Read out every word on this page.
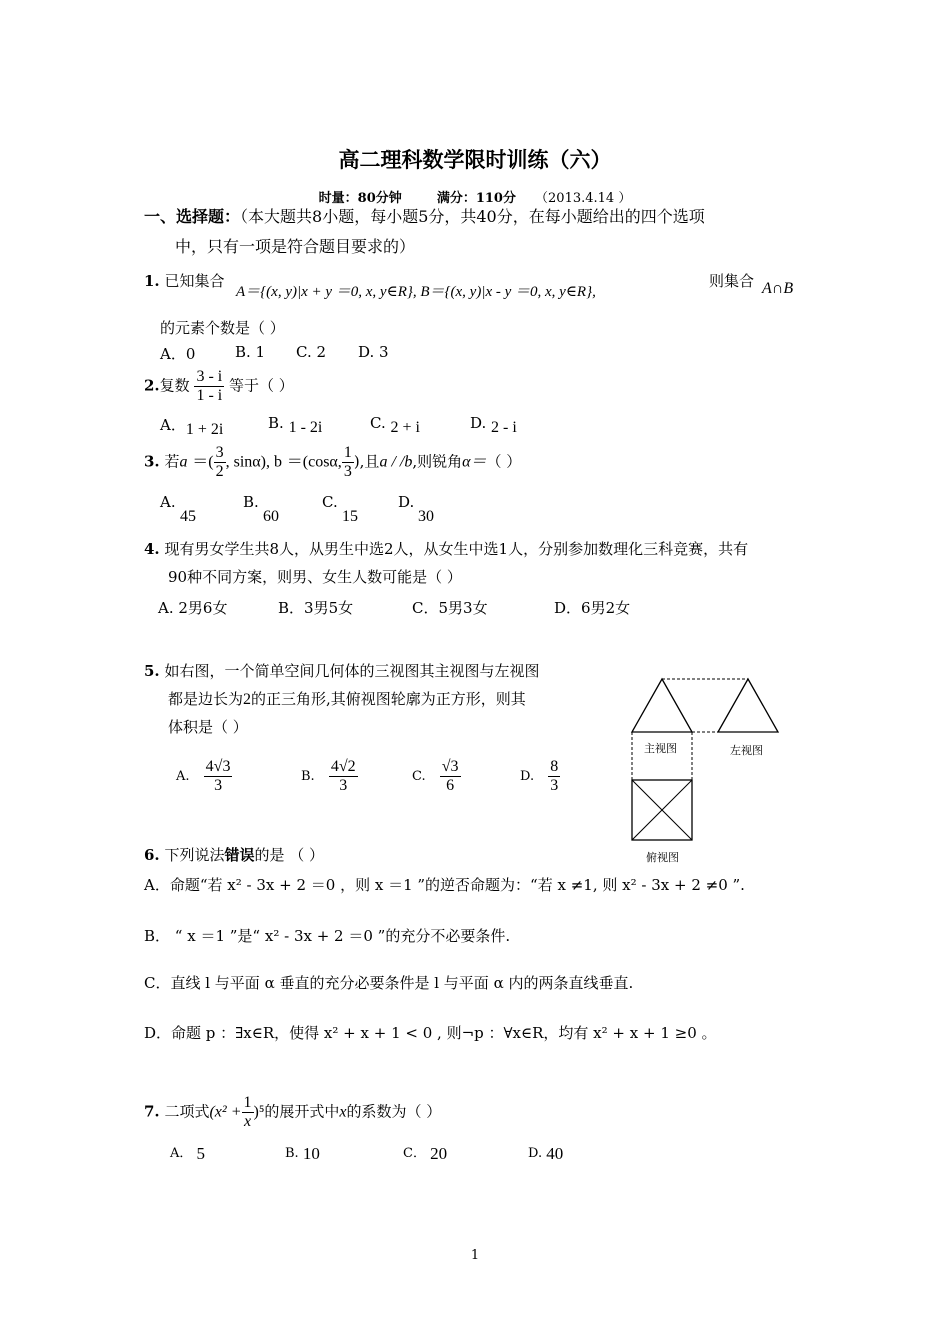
高二理科数学限时训练（六）
时量：80分钟	满分：110分 （2013.4.14 ）
一、选择题：（本大题共8小题，每小题5分，共40分，在每小题给出的四个选项
中，只有一项是符合题目要求的）
1. 已知集合
A＝{(x, y)|x + y ＝0, x, y∈R}, B＝{(x, y)|x - y ＝0, x, y∈R},
则集合 A∩B
的元素个数是（ ）
A．0	B. 1 C. 2 D. 3
2.复数 $\frac{3 - i}{1 - i}$ 等于（ ）
A．1 + 2i	B. 1 - 2i	C. 2 + i	D. 2 - i
3. 若a ＝( $\frac{3}{2}$ , sinα), b ＝(cosα, $\frac{1}{3}$ ),且a / /b,则锐角α＝（ ）
A.
45
B.
60
C.
15
D.
30
4. 现有男女学生共8人，从男生中选2人，从女生中选1人，分别参加数理化三科竞赛，共有
90种不同方案，则男、女生人数可能是（ ）
A. 2男6女	B．3男5女	C．5男3女	D．6男2女
5. 如右图，一个简单空间几何体的三视图其主视图与左视图
都是边长为2的正三角形,其俯视图轮廓为正方形，则其
体积是（ ）
A. $\frac{4√3}{3}$	B. $\frac{4√2}{3}$	C. $\frac{√3}{6}$	D. $\frac{8}{3}$
主视图	左视图
俯视图
6. 下列说法错误的是 （ ）
A．命题“若 x² - 3x + 2 ＝0 ，则 x ＝1 ”的逆否命题为：“若 x ≠1, 则 x² - 3x + 2 ≠0 ”.
B． “ x ＝1 ”是“ x² - 3x + 2 ＝0 ”的充分不必要条件.
C．直线 l 与平面 α 垂直的充分必要条件是 l 与平面 α 内的两条直线垂直.
D．命题 p ：∃x∈R，使得 x² + x + 1 < 0 , 则¬p ：∀x∈R，均有 x² + x + 1 ≥0 。
7. 二项式$(x^2 + \frac{1}{x} )^5$的展开式中x的系数为（ ）
A． 5	B. 10	C． 20	D. 40
1
